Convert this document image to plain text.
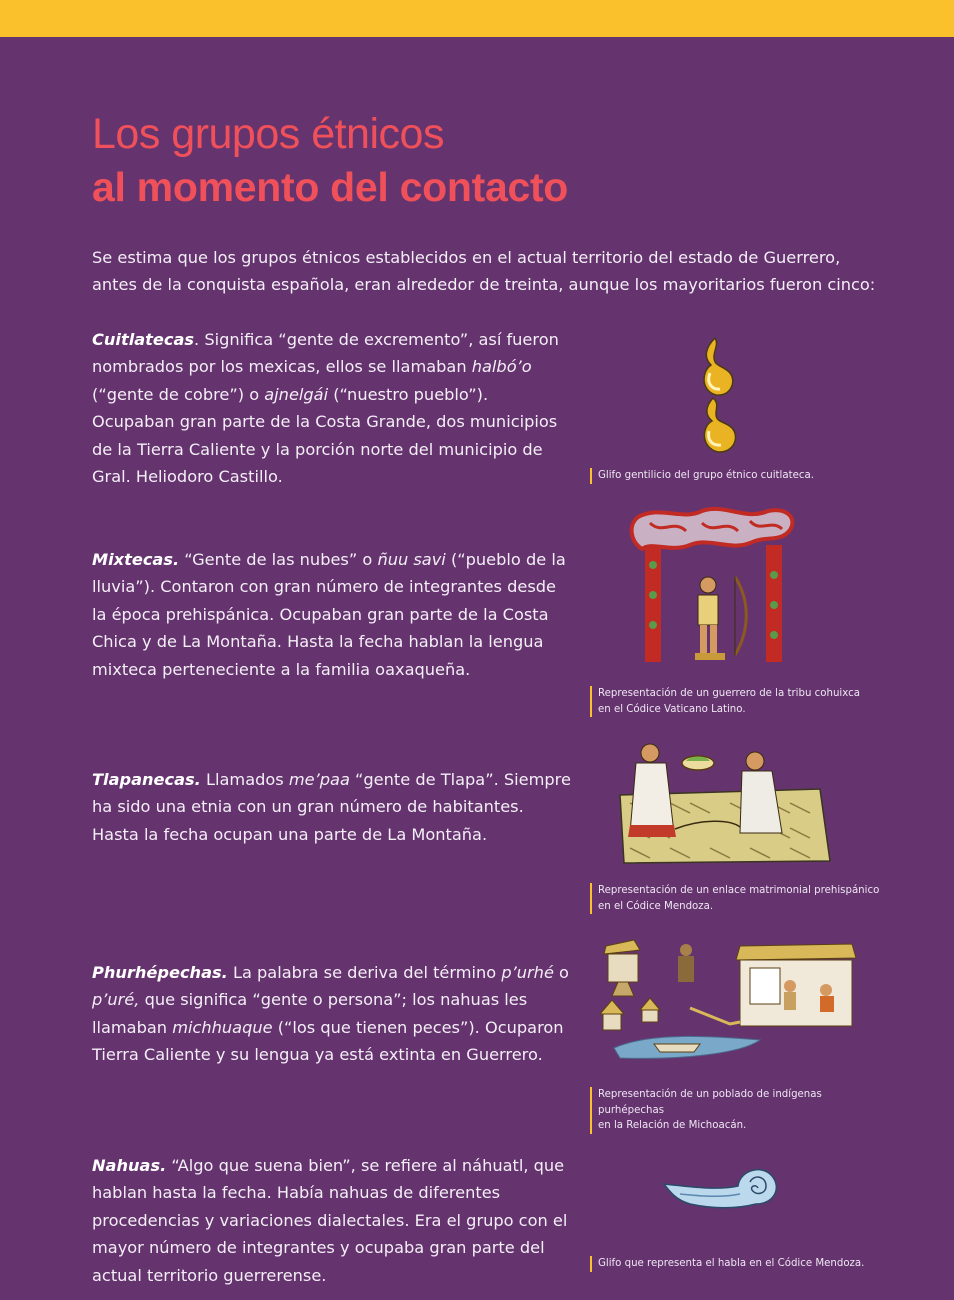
Los grupos étnicos
al momento del contacto

Se estima que los grupos étnicos establecidos en el actual territorio del estado de Guerrero, antes de la conquista española, eran alrededor de treinta, aunque los mayoritarios fueron cinco:

Cuitlatecas. Significa “gente de excremento”, así fueron nombrados por los mexicas, ellos se llamaban halbó’o (“gente de cobre”) o ajnelgái (“nuestro pueblo”). Ocupaban gran parte de la Costa Grande, dos municipios de la Tierra Caliente y la porción norte del municipio de Gral. Heliodoro Castillo.	Glifo gentilicio del grupo étnico cuitlateca.
Mixtecas. “Gente de las nubes” o ñuu savi (“pueblo de la lluvia”). Contaron con gran número de integrantes desde la época prehispánica. Ocupaban gran parte de la Costa Chica y de La Montaña. Hasta la fecha hablan la lengua mixteca perteneciente a la familia oaxaqueña.
Representación de un guerrero de la tribu cohuixca
en el Códice Vaticano Latino.
Tlapanecas. Llamados me’paa “gente de Tlapa”. Siempre ha sido una etnia con un gran número de habitantes. Hasta la fecha ocupan una parte de La Montaña.
Representación de un enlace matrimonial prehispánico
en el Códice Mendoza.
Phurhépechas. La palabra se deriva del término p’urhé o p’uré, que significa “gente o persona”; los nahuas les llamaban michhuaque (“los que tienen peces”). Ocuparon Tierra Caliente y su lengua ya está extinta en Guerrero.
Representación de un poblado de indígenas purhépechas
en la Relación de Michoacán.
Nahuas. “Algo que suena bien”, se refiere al náhuatl, que hablan hasta la fecha. Había nahuas de diferentes procedencias y variaciones dialectales. Era el grupo con el mayor número de integrantes y ocupaba gran parte del actual territorio guerrerense.
Glifo que representa el habla en el Códice Mendoza.
